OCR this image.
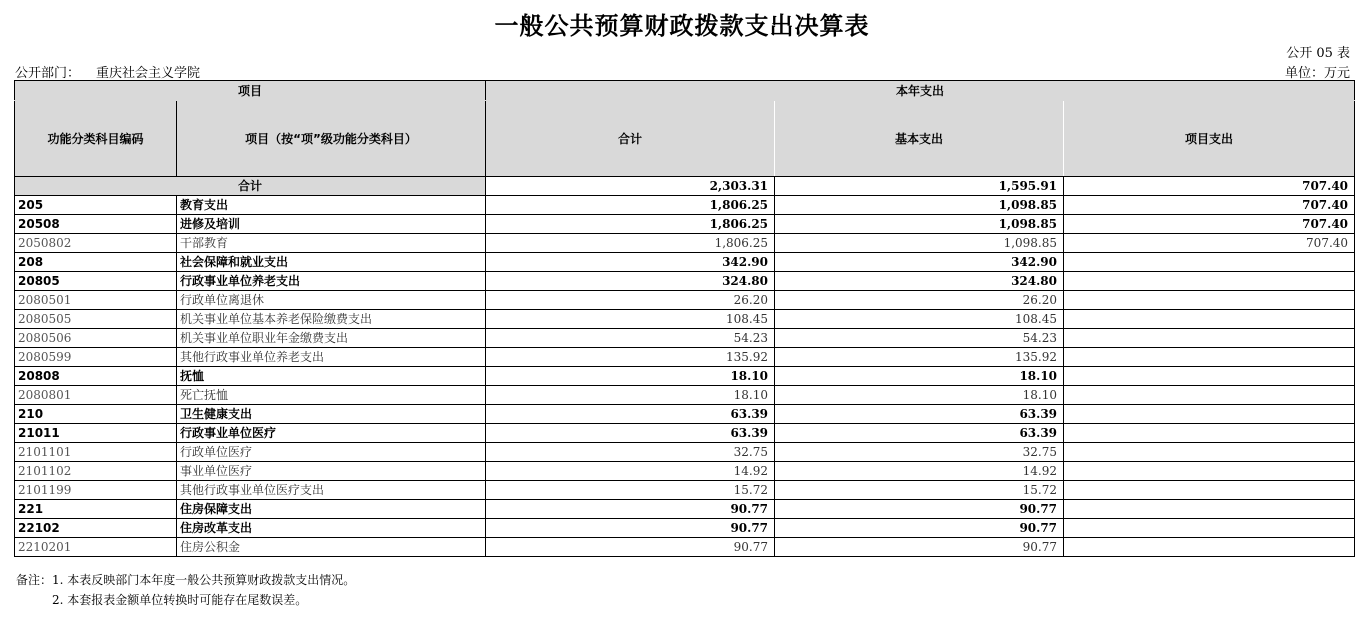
一般公共预算财政拨款支出决算表
公开 05 表
公开部门： 重庆社会主义学院	单位：万元
项目		本年支出		
功能分类科目编码	项目（按“项”级功能分类科目）	合计	基本支出	项目支出
合计		2,303.31	1,595.91	707.40
205	教育支出	1,806.25	1,098.85	707.40
20508	进修及培训	1,806.25	1,098.85	707.40
2050802	干部教育	1,806.25	1,098.85	707.40
208	社会保障和就业支出	342.90	342.90	
20805	行政事业单位养老支出	324.80	324.80	
2080501	行政单位离退休	26.20	26.20	
2080505	机关事业单位基本养老保险缴费支出	108.45	108.45	
2080506	机关事业单位职业年金缴费支出	54.23	54.23	
2080599	其他行政事业单位养老支出	135.92	135.92	
20808	抚恤	18.10	18.10	
2080801	死亡抚恤	18.10	18.10	
210	卫生健康支出	63.39	63.39	
21011	行政事业单位医疗	63.39	63.39	
2101101	行政单位医疗	32.75	32.75	
2101102	事业单位医疗	14.92	14.92	
2101199	其他行政事业单位医疗支出	15.72	15.72	
221	住房保障支出	90.77	90.77	
22102	住房改革支出	90.77	90.77	
2210201	住房公积金	90.77	90.77	
备注：1. 本表反映部门本年度一般公共预算财政拨款支出情况。
2. 本套报表金额单位转换时可能存在尾数误差。
